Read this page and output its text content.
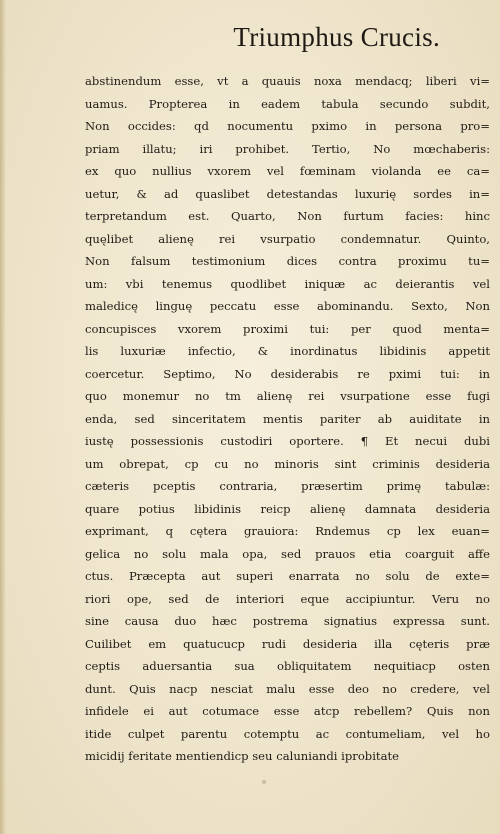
Triumphus Crucis.
abstinendum esse, vt a quauis noxa mendacq; liberi vi=
uamus. Propterea in eadem tabula secundo subdit,
Non occides: qd nocumentu pximo in persona pro=
priam illatu; iri prohibet. Tertio, No mœchaberis:
ex quo nullius vxorem vel fœminam violanda ee ca=
uetur, & ad quaslibet detestandas luxurię sordes in=
terpretandum est. Quarto, Non furtum facies: hinc
quęlibet alienę rei vsurpatio condemnatur. Quinto,
Non falsum testimonium dices contra proximu tu=
um: vbi tenemus quodlibet iniquæ ac deierantis vel
maledicę linguę peccatu esse abominandu. Sexto, Non
concupisces vxorem proximi tui: per quod menta=
lis luxuriæ infectio, & inordinatus libidinis appetit
coercetur. Septimo, No desiderabis re pximi tui: in
quo monemur no tm alienę rei vsurpatione esse fugi
enda, sed sinceritatem mentis pariter ab auiditate in
iustę possessionis custodiri oportere. ¶ Et necui dubi
um obrepat, cp cu no minoris sint criminis desideria
cæteris pceptis contraria, præsertim primę tabulæ:
quare potius libidinis reicp alienę damnata desideria
exprimant, q cętera grauiora: Rndemus cp lex euan=
gelica no solu mala opa, sed prauos etia coarguit affe
ctus. Præcepta aut superi enarrata no solu de exte=
riori ope, sed de interiori eque accipiuntur. Veru no
sine causa duo hæc postrema signatius expressa sunt.
Cuilibet em quatucucp rudi desideria illa cęteris præ
ceptis aduersantia sua obliquitatem nequitiacp osten
dunt. Quis nacp nesciat malu esse deo no credere, vel
infidele ei aut cotumace esse atcp rebellem? Quis non
itide culpet parentu cotemptu ac contumeliam, vel ho
micidij feritate mentiendicp seu caluniandi iprobitate
